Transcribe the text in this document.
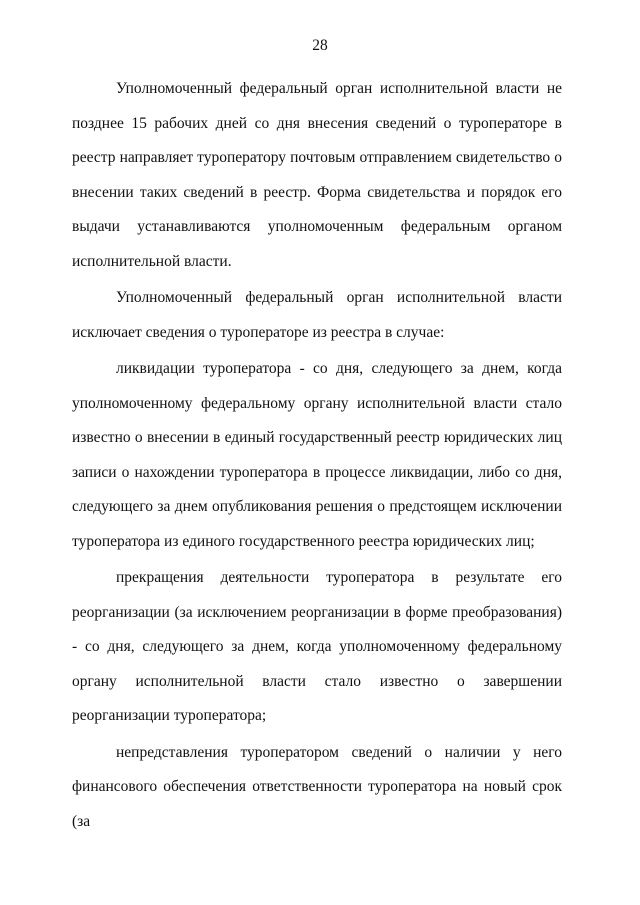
28

Уполномоченный федеральный орган исполнительной власти не позднее 15 рабочих дней со дня внесения сведений о туроператоре в реестр направляет туроператору почтовым отправлением свидетельство о внесении таких сведений в реестр. Форма свидетельства и порядок его выдачи устанавливаются уполномоченным федеральным органом исполнительной власти.

Уполномоченный федеральный орган исполнительной власти исключает сведения о туроператоре из реестра в случае:

ликвидации туроператора - со дня, следующего за днем, когда уполномоченному федеральному органу исполнительной власти стало известно о внесении в единый государственный реестр юридических лиц записи о нахождении туроператора в процессе ликвидации, либо со дня, следующего за днем опубликования решения о предстоящем исключении туроператора из единого государственного реестра юридических лиц;

прекращения деятельности туроператора в результате его реорганизации (за исключением реорганизации в форме преобразования) - со дня, следующего за днем, когда уполномоченному федеральному органу исполнительной власти стало известно о завершении реорганизации туроператора;

непредставления туроператором сведений о наличии у него финансового обеспечения ответственности туроператора на новый срок (за
